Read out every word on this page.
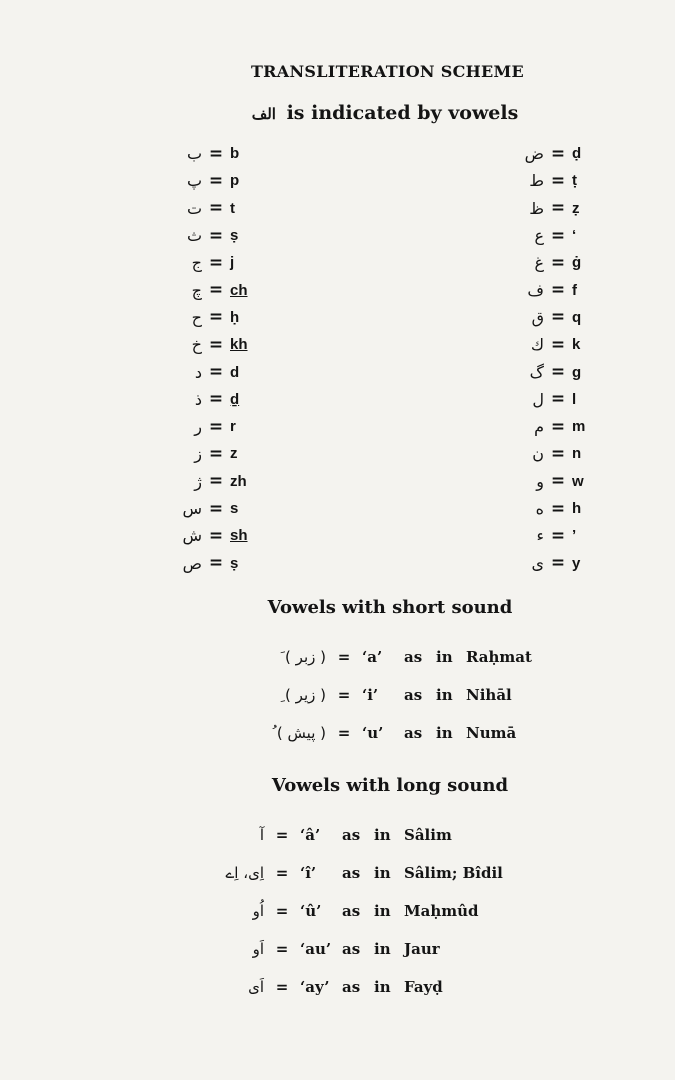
TRANSLITERATION SCHEME
الف is indicated by vowels
ب = b
پ = p
ت = t
ث = ṣ
ج = j
چ = ch
ح = ḥ
خ = kh
د = d
ذ = ḏ
ر = r
ز = z
ژ = zh
س = s
ش = sh
ص = ṣ
ض = ḍ
ط = ṭ
ظ = ẓ
ع = ‘
غ = ġ
ف = f
ق = q
ك = k
گ = g
ل = l
م = m
ن = n
و = w
ه = h
ء = ’
ى = y
Vowels with short sound
( زبر ) َ = ‘a’ as in Raḥmat
( زير ) ِ = ‘i’ as in Nihāl
( پيش ) ُ = ‘u’ as in Numā
Vowels with long sound
آ = ‘â’ as in Sâlim
اِی، اِے = ‘î’ as in Sâlim; Bîdil
اُو = ‘û’ as in Maḥmûd
اَو = ‘au’ as in Jaur
اَی = ‘ay’ as in Fayḍ
